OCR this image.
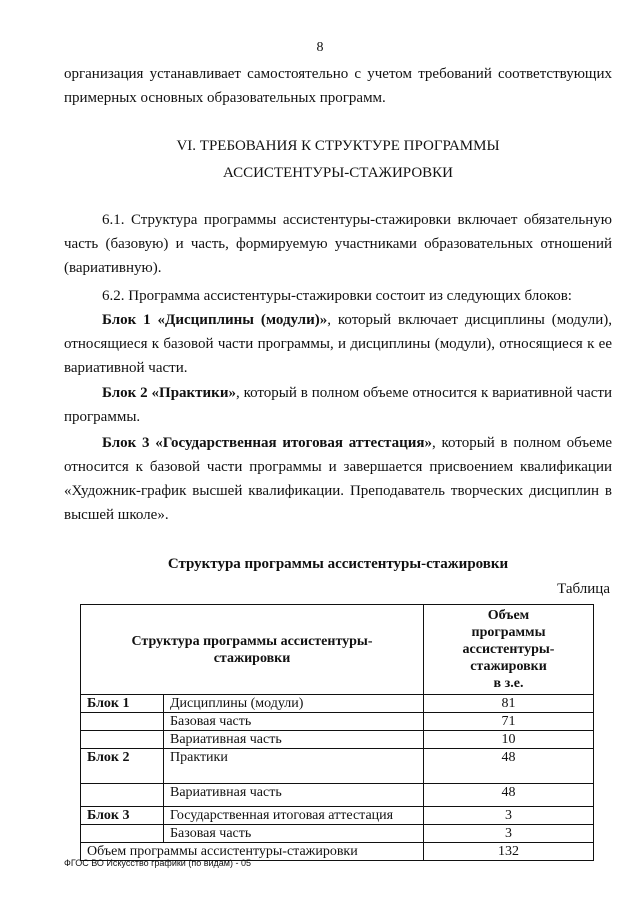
8
организация устанавливает самостоятельно с учетом требований соответствующих примерных основных образовательных программ.
VI. ТРЕБОВАНИЯ К СТРУКТУРЕ ПРОГРАММЫ
АССИСТЕНТУРЫ-СТАЖИРОВКИ
6.1. Структура программы ассистентуры-стажировки включает обязательную часть (базовую) и часть, формируемую участниками образовательных отношений (вариативную).
6.2. Программа ассистентуры-стажировки состоит из следующих блоков:
Блок 1 «Дисциплины (модули)», который включает дисциплины (модули), относящиеся к базовой части программы, и дисциплины (модули), относящиеся к ее вариативной части.
Блок 2 «Практики», который в полном объеме относится к вариативной части программы.
Блок 3 «Государственная итоговая аттестация», который в полном объеме относится к базовой части программы и завершается присвоением квалификации «Художник-график высшей квалификации. Преподаватель творческих дисциплин в высшей школе».
Структура программы ассистентуры-стажировки
Таблица
Структура программы ассистентуры-стажировки		Объем программы ассистентуры-стажировки
в з.е.

Блок 1	Дисциплины (модули)	81
	Базовая часть	71
	Вариативная часть	10
Блок 2	Практики	48
	Вариативная часть	48
Блок 3	Государственная итоговая аттестация	3
	Базовая часть	3
Объем программы ассистентуры-стажировки		132
ФГОС ВО Искусство графики (по видам) - 05
